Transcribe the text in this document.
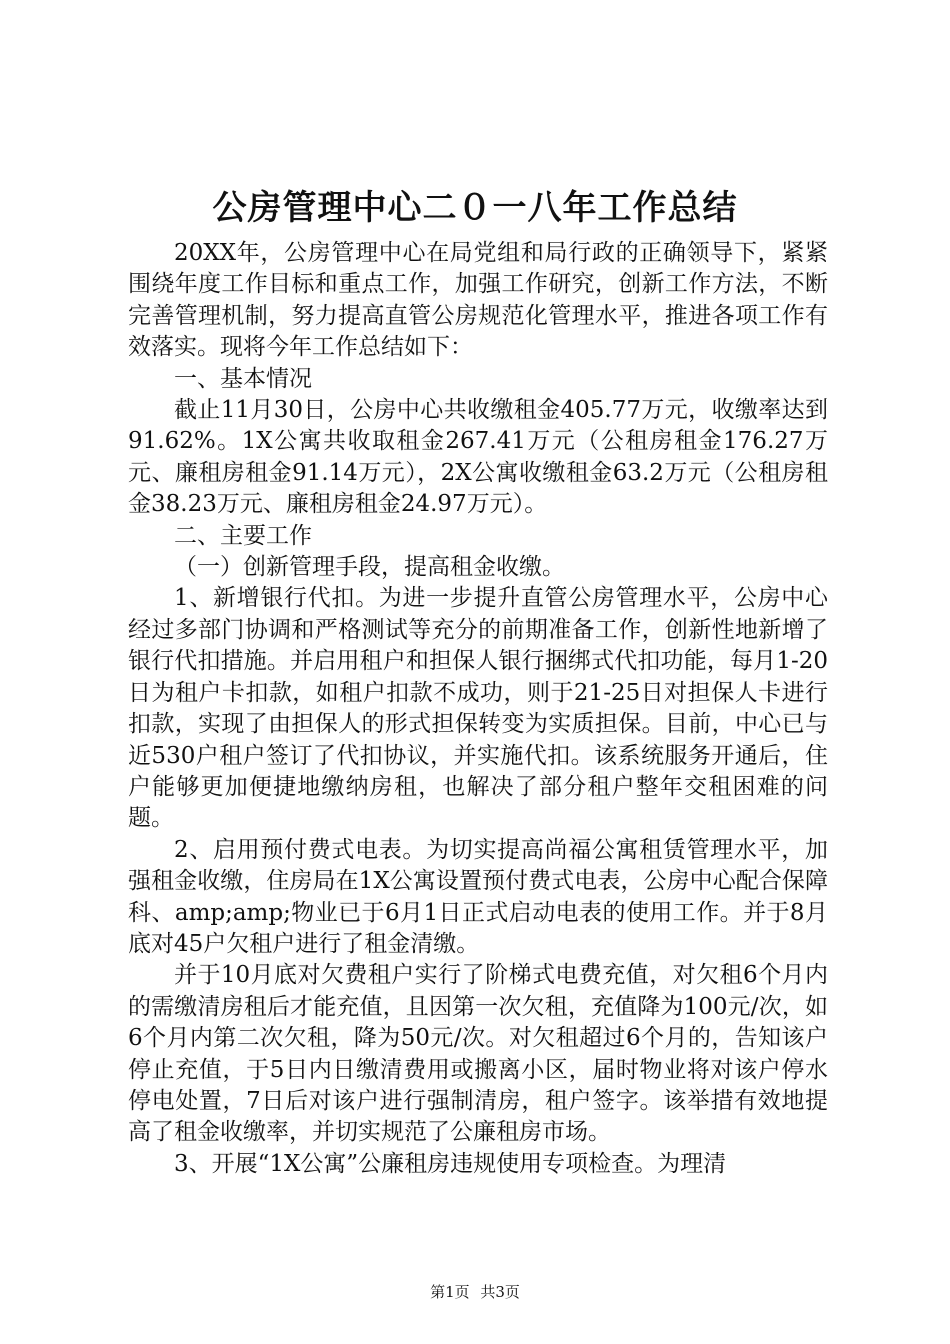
公房管理中心二０一八年工作总结

20XX年，公房管理中心在局党组和局行政的正确领导下，紧紧围绕年度工作目标和重点工作，加强工作研究，创新工作方法，不断完善管理机制，努力提高直管公房规范化管理水平，推进各项工作有效落实。现将今年工作总结如下：

一、基本情况

截止11月30日，公房中心共收缴租金405.77万元，收缴率达到91.62%。1X公寓共收取租金267.41万元（公租房租金176.27万元、廉租房租金91.14万元），2X公寓收缴租金63.2万元（公租房租金38.23万元、廉租房租金24.97万元）。

二、主要工作

（一）创新管理手段，提高租金收缴。

1、新增银行代扣。为进一步提升直管公房管理水平，公房中心经过多部门协调和严格测试等充分的前期准备工作，创新性地新增了银行代扣措施。并启用租户和担保人银行捆绑式代扣功能，每月1-20日为租户卡扣款，如租户扣款不成功，则于21-25日对担保人卡进行扣款，实现了由担保人的形式担保转变为实质担保。目前，中心已与近530户租户签订了代扣协议，并实施代扣。该系统服务开通后，住户能够更加便捷地缴纳房租，也解决了部分租户整年交租困难的问题。

2、启用预付费式电表。为切实提高尚福公寓租赁管理水平，加强租金收缴，住房局在1X公寓设置预付费式电表，公房中心配合保障科、amp;amp;物业已于6月1日正式启动电表的使用工作。并于8月底对45户欠租户进行了租金清缴。

并于10月底对欠费租户实行了阶梯式电费充值，对欠租6个月内的需缴清房租后才能充值，且因第一次欠租，充值降为100元/次，如6个月内第二次欠租，降为50元/次。对欠租超过6个月的，告知该户停止充值，于5日内日缴清费用或搬离小区，届时物业将对该户停水停电处置，7日后对该户进行强制清房，租户签字。该举措有效地提高了租金收缴率，并切实规范了公廉租房市场。

3、开展“1X公寓”公廉租房违规使用专项检查。为理清

第1页 共3页
